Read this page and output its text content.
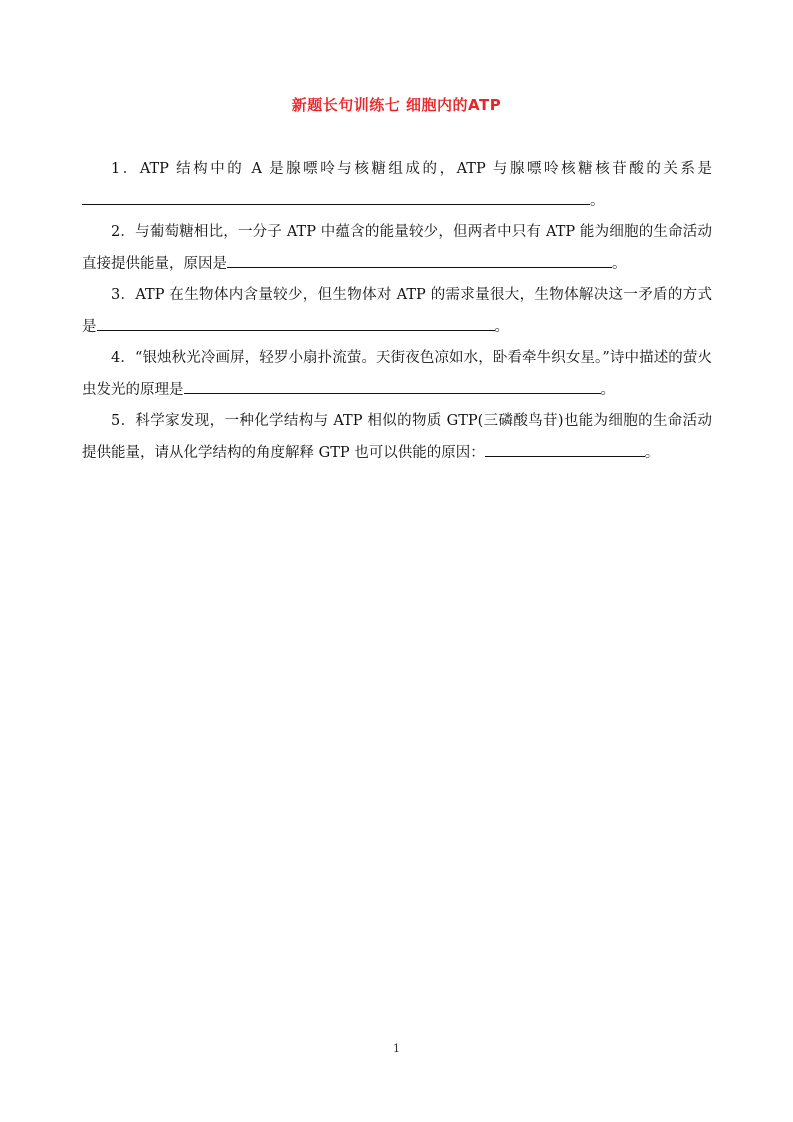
新题长句训练七 细胞内的ATP

1．ATP 结构中的 A 是腺嘌呤与核糖组成的，ATP 与腺嘌呤核糖核苷酸的关系是。

2．与葡萄糖相比，一分子 ATP 中蕴含的能量较少，但两者中只有 ATP 能为细胞的生命活动直接提供能量，原因是	。

3．ATP 在生物体内含量较少，但生物体对 ATP 的需求量很大，生物体解决这一矛盾的方式是	。

4．“银烛秋光冷画屏，轻罗小扇扑流萤。天街夜色凉如水，卧看牵牛织女星。”诗中描述的萤火虫发光的原理是	。

5．科学家发现，一种化学结构与 ATP 相似的物质 GTP(三磷酸鸟苷)也能为细胞的生命活动提供能量，请从化学结构的角度解释 GTP 也可以供能的原因：	。

1
